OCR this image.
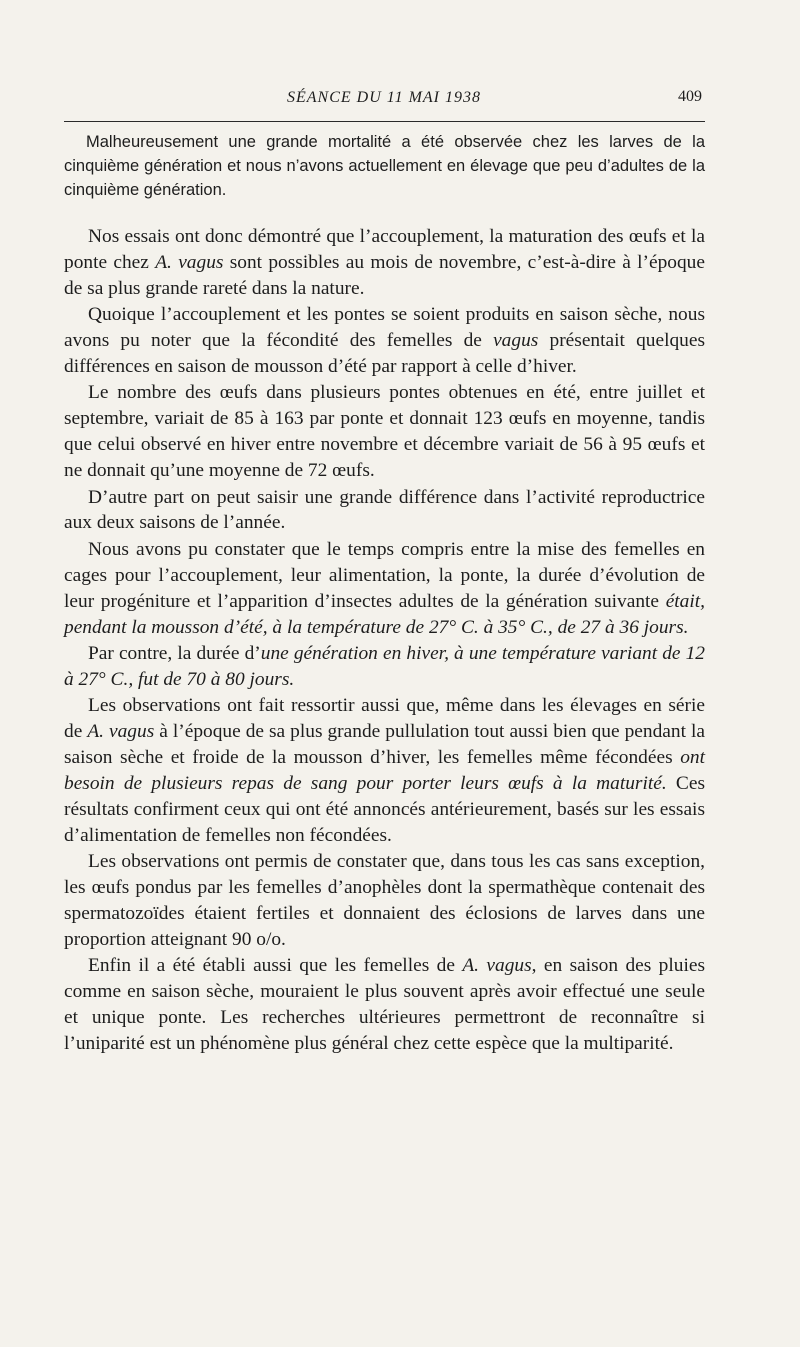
SÉANCE DU 11 MAI 1938	409

Malheureusement une grande mortalité a été observée chez les larves de la cinquième génération et nous n’avons actuellement en élevage que peu d’adultes de la cinquième génération.

Nos essais ont donc démontré que l’accouplement, la maturation des œufs et la ponte chez A. vagus sont possibles au mois de novembre, c’est-à-dire à l’époque de sa plus grande rareté dans la nature.

Quoique l’accouplement et les pontes se soient produits en saison sèche, nous avons pu noter que la fécondité des femelles de vagus présentait quelques différences en saison de mousson d’été par rapport à celle d’hiver.

Le nombre des œufs dans plusieurs pontes obtenues en été, entre juillet et septembre, variait de 85 à 163 par ponte et donnait 123 œufs en moyenne, tandis que celui observé en hiver entre novembre et décembre variait de 56 à 95 œufs et ne donnait qu’une moyenne de 72 œufs.

D’autre part on peut saisir une grande différence dans l’activité reproductrice aux deux saisons de l’année.

Nous avons pu constater que le temps compris entre la mise des femelles en cages pour l’accouplement, leur alimentation, la ponte, la durée d’évolution de leur progéniture et l’apparition d’insectes adultes de la génération suivante était, pendant la mousson d’été, à la température de 27° C. à 35° C., de 27 à 36 jours.

Par contre, la durée d’une génération en hiver, à une température variant de 12 à 27° C., fut de 70 à 80 jours.

Les observations ont fait ressortir aussi que, même dans les élevages en série de A. vagus à l’époque de sa plus grande pullulation tout aussi bien que pendant la saison sèche et froide de la mousson d’hiver, les femelles même fécondées ont besoin de plusieurs repas de sang pour porter leurs œufs à la maturité. Ces résultats confirment ceux qui ont été annoncés antérieurement, basés sur les essais d’alimentation de femelles non fécondées.

Les observations ont permis de constater que, dans tous les cas sans exception, les œufs pondus par les femelles d’anophèles dont la spermathèque contenait des spermatozoïdes étaient fertiles et donnaient des éclosions de larves dans une proportion atteignant 90 o/o.

Enfin il a été établi aussi que les femelles de A. vagus, en saison des pluies comme en saison sèche, mouraient le plus souvent après avoir effectué une seule et unique ponte. Les recherches ultérieures permettront de reconnaître si l’uniparité est un phénomène plus général chez cette espèce que la multiparité.
